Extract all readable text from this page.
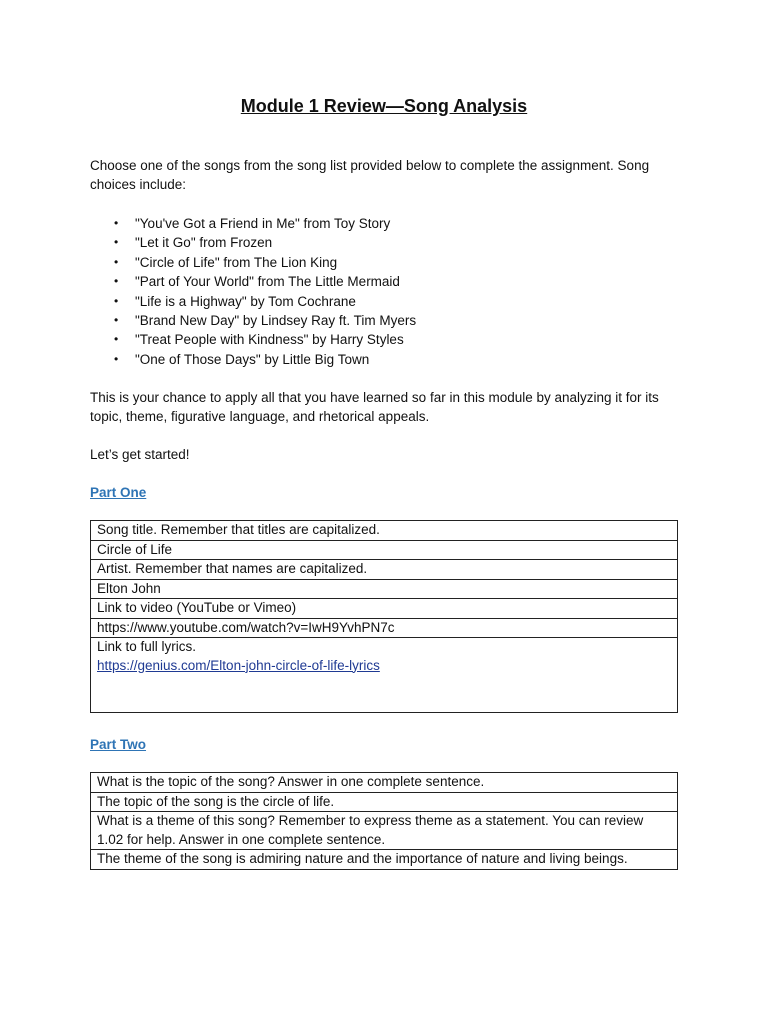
Module 1 Review—Song Analysis
Choose one of the songs from the song list provided below to complete the assignment. Song choices include:
• "You've Got a Friend in Me" from Toy Story
• "Let it Go" from Frozen
• "Circle of Life" from The Lion King
• "Part of Your World" from The Little Mermaid
• "Life is a Highway" by Tom Cochrane
• "Brand New Day" by Lindsey Ray ft. Tim Myers
• "Treat People with Kindness" by Harry Styles
• "One of Those Days" by Little Big Town
This is your chance to apply all that you have learned so far in this module by analyzing it for its topic, theme, figurative language, and rhetorical appeals.
Let’s get started!
Part One
Song title. Remember that titles are capitalized.
Circle of Life
Artist. Remember that names are capitalized.
Elton John
Link to video (YouTube or Vimeo)
https://www.youtube.com/watch?v=IwH9YvhPN7c

Link to full lyrics.
https://genius.com/Elton-john-circle-of-life-lyrics
Part Two
What is the topic of the song? Answer in one complete sentence.
The topic of the song is the circle of life.
What is a theme of this song? Remember to express theme as a statement. You can review 1.02 for help. Answer in one complete sentence.
The theme of the song is admiring nature and the importance of nature and living beings.
